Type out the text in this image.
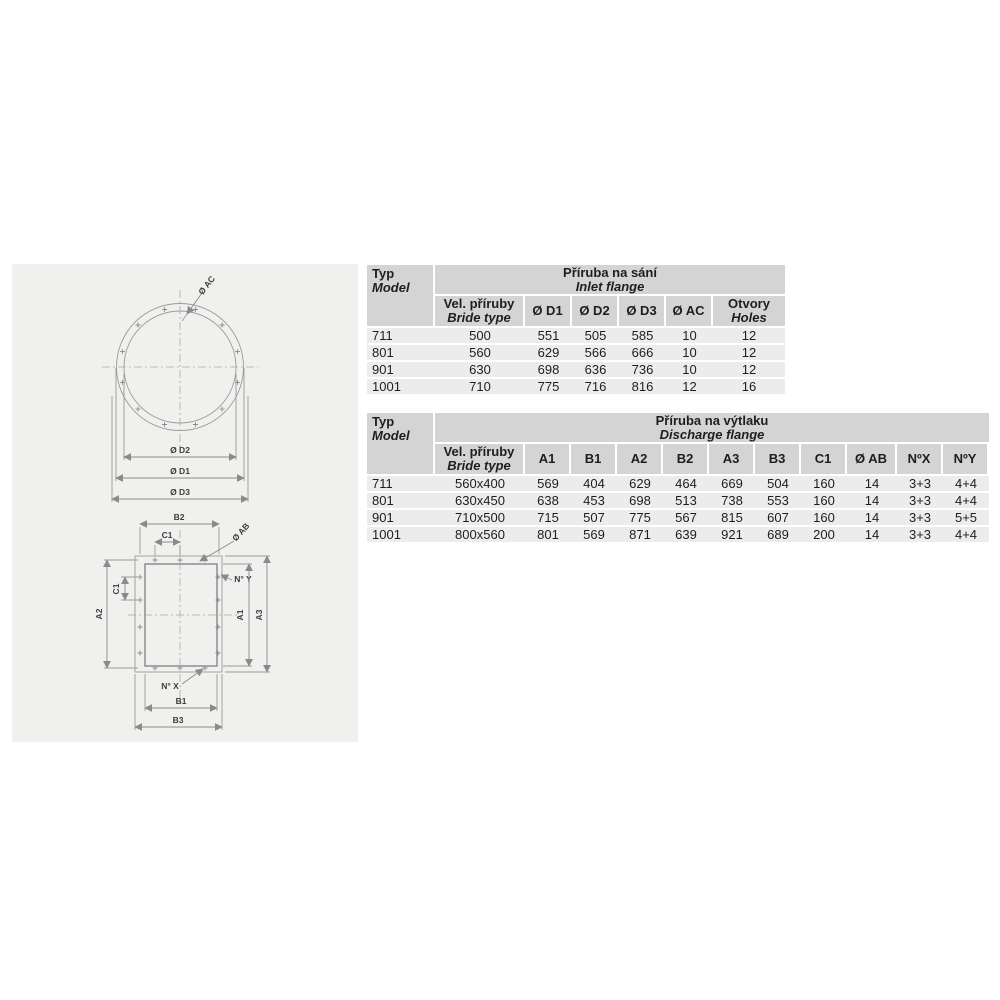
Ø AC
Ø D2
Ø D1
Ø D3
B2
C1	Ø AB
N° Y
A2
C1
A1 A3
N° X
B1
B3
Typ
Model
Příruba na sání
Inlet flange
Vel. příruby
Bride type	Ø D1	Ø D2	Ø D3	Ø AC	Otvory
Holes
711	500	551	505	585	10	12
801	560	629	566	666	10	12
901	630	698	636	736	10	12
1001	710	775	716	816	12	16
Typ
Model
Příruba na výtlaku
Discharge flange
Vel. příruby
Bride type	A1	B1	A2	B2	A3	B3	C1	Ø AB	NºX	NºY
711	560x400	569	404	629	464	669	504	160	14	3+3	4+4
801	630x450	638	453	698	513	738	553	160	14	3+3	4+4
901	710x500	715	507	775	567	815	607	160	14	3+3	5+5
1001	800x560	801	569	871	639	921	689	200	14	3+3	4+4
